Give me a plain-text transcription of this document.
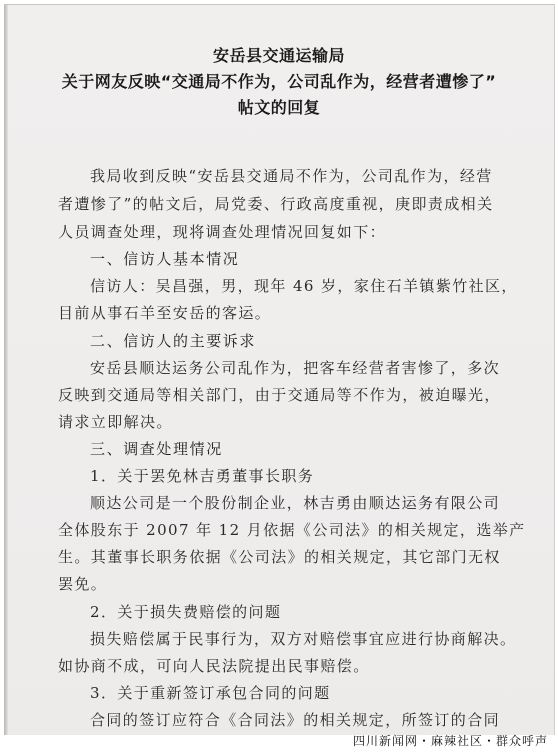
安岳县交通运输局
关于网友反映“交通局不作为，公司乱作为，经营者遭惨了”
帖文的回复
我局收到反映“安岳县交通局不作为，公司乱作为，经营
者遭惨了”的帖文后，局党委、行政高度重视，庚即责成相关
人员调查处理，现将调查处理情况回复如下：
一、信访人基本情况
信访人：吴昌强，男，现年 46 岁，家住石羊镇紫竹社区，
目前从事石羊至安岳的客运。
二、信访人的主要诉求
安岳县顺达运务公司乱作为，把客车经营者害惨了，多次
反映到交通局等相关部门，由于交通局等不作为，被迫曝光，
请求立即解决。
三、调查处理情况
1．关于罢免林吉勇董事长职务
顺达公司是一个股份制企业，林吉勇由顺达运务有限公司
全体股东于 2007 年 12 月依据《公司法》的相关规定，选举产
生。其董事长职务依据《公司法》的相关规定，其它部门无权
罢免。
2．关于损失费赔偿的问题
损失赔偿属于民事行为，双方对赔偿事宜应进行协商解决。
如协商不成，可向人民法院提出民事赔偿。
3．关于重新签订承包合同的问题
合同的签订应符合《合同法》的相关规定，所签订的合同
四川新闻网・麻辣社区・群众呼声
